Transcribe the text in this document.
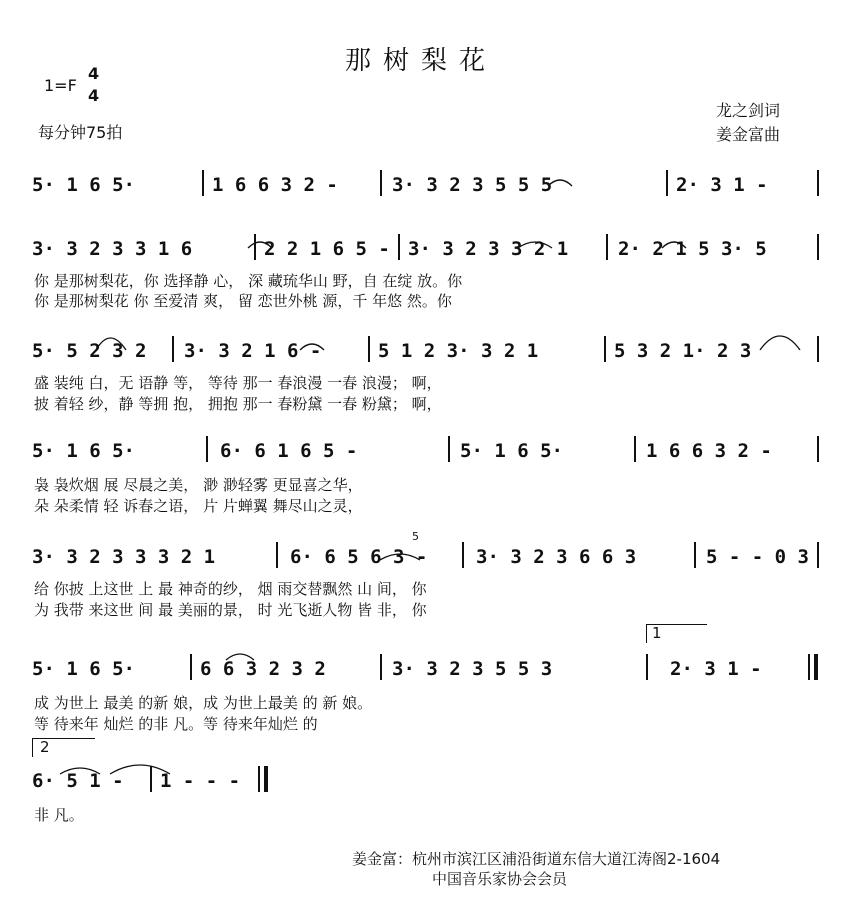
那树梨花
1=F
4
4
每分钟75拍
龙之剑词
姜金富曲
5· 1 6 5·	1 6 6 3 2 -	3· 3 2 3 5 5 5	2· 3 1 -
3· 3 2 3 3 1 6	2 2 1 6 5 - 3· 3 2 3 3 2 1	2· 2 1 5 3· 5
你 是那树梨花，你 选择静 心， 深 藏琉华山 野，自 在绽 放。你
你 是那树梨花 你 至爱清 爽， 留 恋世外桃 源，千 年悠 然。你
5· 5 2 3 2 3· 3 2 1 6 -	5 1 2 3· 3 2 1	5 3 2 1· 2 3
盛 装纯 白，无 语静 等， 等待 那一 春浪漫 一春 浪漫； 啊，
披 着轻 纱，静 等拥 抱， 拥抱 那一 春粉黛 一春 粉黛； 啊，
5· 1 6 5·	6· 6 1 6 5 -	5· 1 6 5·	1 6 6 3 2 -
袅 袅炊烟 展 尽晨之美， 渺 渺轻雾 更显喜之华，
朵 朵柔情 轻 诉春之语， 片 片蝉翼 舞尽山之灵，
3· 3 2 3 3 3 2 1	6· 6 5 6 3 -	3· 3 2 3 6 6 3	5 - - 0 3
5
给 你披 上这世 上 最 神奇的纱， 烟 雨交替飘然 山 间， 你
为 我带 来这世 间 最 美丽的景， 时 光飞逝人物 皆 非， 你
1
5· 1 6 5·	6 6 3 2 3 2	3· 3 2 3 5 5 3	2· 3 1 -
成 为世上 最美 的新 娘，成 为世上最美 的 新 娘。
等 待来年 灿烂 的非 凡。等 待来年灿烂 的
2
6· 5 1 - 1 - - -
非 凡。
姜金富：杭州市滨江区浦沿街道东信大道江涛阁2-1604
中国音乐家协会会员
